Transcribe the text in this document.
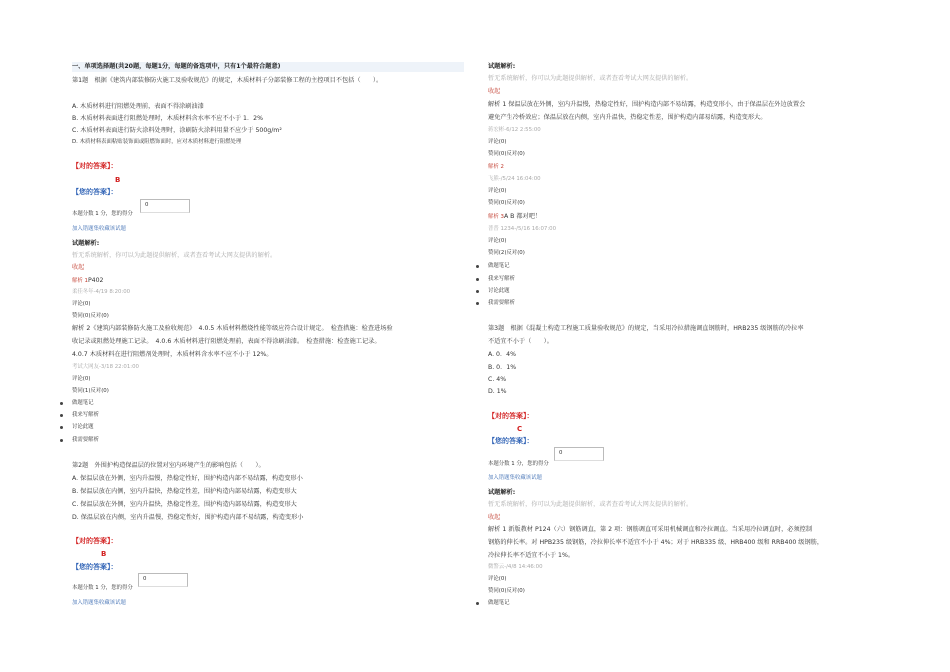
一、单项选择题(共20题，每题1分，每题的备选项中，只有1个最符合题意)
第1题　根据《建筑内部装修防火施工及验收规范》的规定，木质材料子分部装修工程的主控项目不包括（　　）。
A. 木质材料进行阻燃处理前，表面不得涂刷油漆
B. 木质材料表面进行阻燃处理时，木质材料含水率不应不小于 1．2%
C. 木质材料表面进行防火涂料处理时，涂刷防火涂料用量不应少于 500g/m²
D. 木质材料表面粘贴装饰面或阻燃饰面时，应对木质材料进行阻燃处理
【对的答案】：
B
【您的答案】：
0
本题分数 1 分，您的得分
加入错题集收藏该试题
试题解析:
暂无系统解析，你可以为此题提供解析，或者查看考试大网友提供的解析。
收起
解析 1P402
柔佳冬年-4/19 8:20:00
评论(0)
赞同(0)反对(0)
解析 2《建筑内部装修防火施工及验收规范》　4.0.5 木质材料燃烧性能等级应符合设计规定。　检查措施：检查进场验
收记录或阻燃处理施工记录。　4.0.6 木质材料进行阻燃处理前，表面不得涂刷油漆。　检查措施：检查施工记录。
4.0.7 木质材料在进行阻燃剂处理时，木质材料含水率不应不小于 12%。
考试大网友-3/18 22:01:00
评论(0)
赞同(1)反对(0)
做题笔记
我来写解析
讨论此题
我需要解析
第2题　外围护构造保温层的位置对室内环境产生的影响包括（　　）。
A. 保温层放在外侧，室内升温慢，热稳定性好，围护构造内部不易结露，构造变形小
B. 保温层放在内侧，室内升温快，热稳定性差，围护构造内部易结露，构造变形大
C. 保温层放在外侧，室内升温快，热稳定性差，围护构造内部易结露，构造变形大
D. 保温层放在内侧，室内升温慢，热稳定性好，围护构造内部不易结露，构造变形小
【对的答案】：
B
【您的答案】：
0
本题分数 1 分，您的得分
加入错题集收藏该试题
试题解析:
暂无系统解析，你可以为此题提供解析，或者查看考试大网友提供的解析。
收起
解析 1 保温层放在外侧，室内升温慢，热稳定性好，围护构造内部不易结露，构造变形小，由于保温层在外边放置会
避免产生冷桥效应；保温层放在内侧，室内升温快，热稳定性差，围护构造内部易结露，构造变形大。
蒋宏彬-6/12 2:55:00
评论(0)
赞同(0)反对(0)
解析 2
飞熊-/5/24 16:04:00
评论(0)
赞同(0)反对(0)
解析 3A B 都对吧！
普普 1234-/5/16 16:07:00
评论(0)
赞同(2)反对(0)
做题笔记
我来写解析
讨论此题
我需要解析
第3题　根据《混凝土构造工程施工质量验收规范》的规定，当采用冷拉措施调直钢筋时，HRB235 级钢筋的冷拉率
不适宜不小于（　　）。
A. 0．4%
B. 0．1%
C. 4%
D. 1%
【对的答案】：
C
【您的答案】：
0
本题分数 1 分，您的得分
加入错题集收藏该试题
试题解析:
暂无系统解析，你可以为此题提供解析，或者查看考试大网友提供的解析。
收起
解析 1 新版教材 P124（六）钢筋调直，第 2 项：钢筋调直可采用机械调直和冷拉调直。当采用冷拉调直时，必须控制
钢筋的伸长率。对 HPB235 级钢筋，冷拉伸长率不适宜不小于 4%；对于 HRB335 级、HRB400 级和 RRB400 级钢筋，
冷拉伸长率不适宜不小于 1%。
微警云-/4/8 14:46:00
评论(0)
赞同(0)反对(0)
做题笔记
